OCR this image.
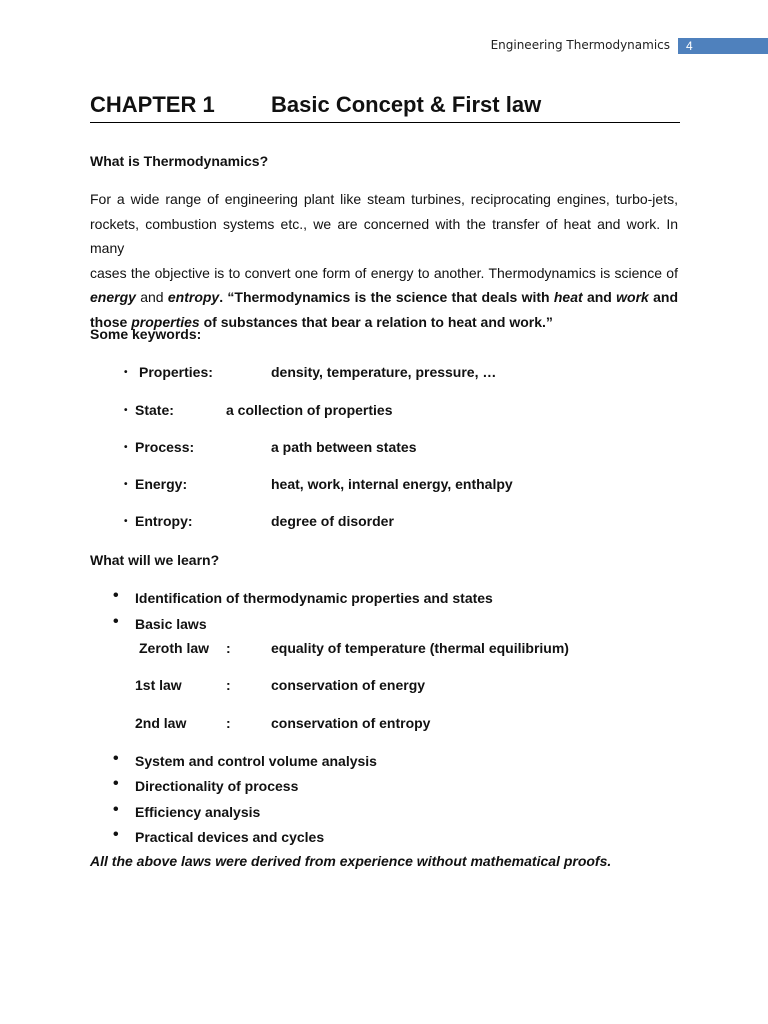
Engineering Thermodynamics	4
CHAPTER 1	Basic Concept & First law
What is Thermodynamics?
For a wide range of engineering plant like steam turbines, reciprocating engines, turbo-jets,
rockets, combustion systems etc., we are concerned with the transfer of heat and work. In many
cases the objective is to convert one form of energy to another. Thermodynamics is science of
energy and entropy. “Thermodynamics is the science that deals with heat and work and
those properties of substances that bear a relation to heat and work.”
Some keywords:
• Properties:	density, temperature, pressure, …
• State:	a collection of properties
• Process:	a path between states
• Energy:	heat, work, internal energy, enthalpy
• Entropy:	degree of disorder
What will we learn?
• Identification of thermodynamic properties and states
• Basic laws
Zeroth law :	equality of temperature (thermal equilibrium)
1st law	:	conservation of energy
2nd law	:	conservation of entropy
• System and control volume analysis
• Directionality of process
• Efficiency analysis
• Practical devices and cycles
All the above laws were derived from experience without mathematical proofs.
